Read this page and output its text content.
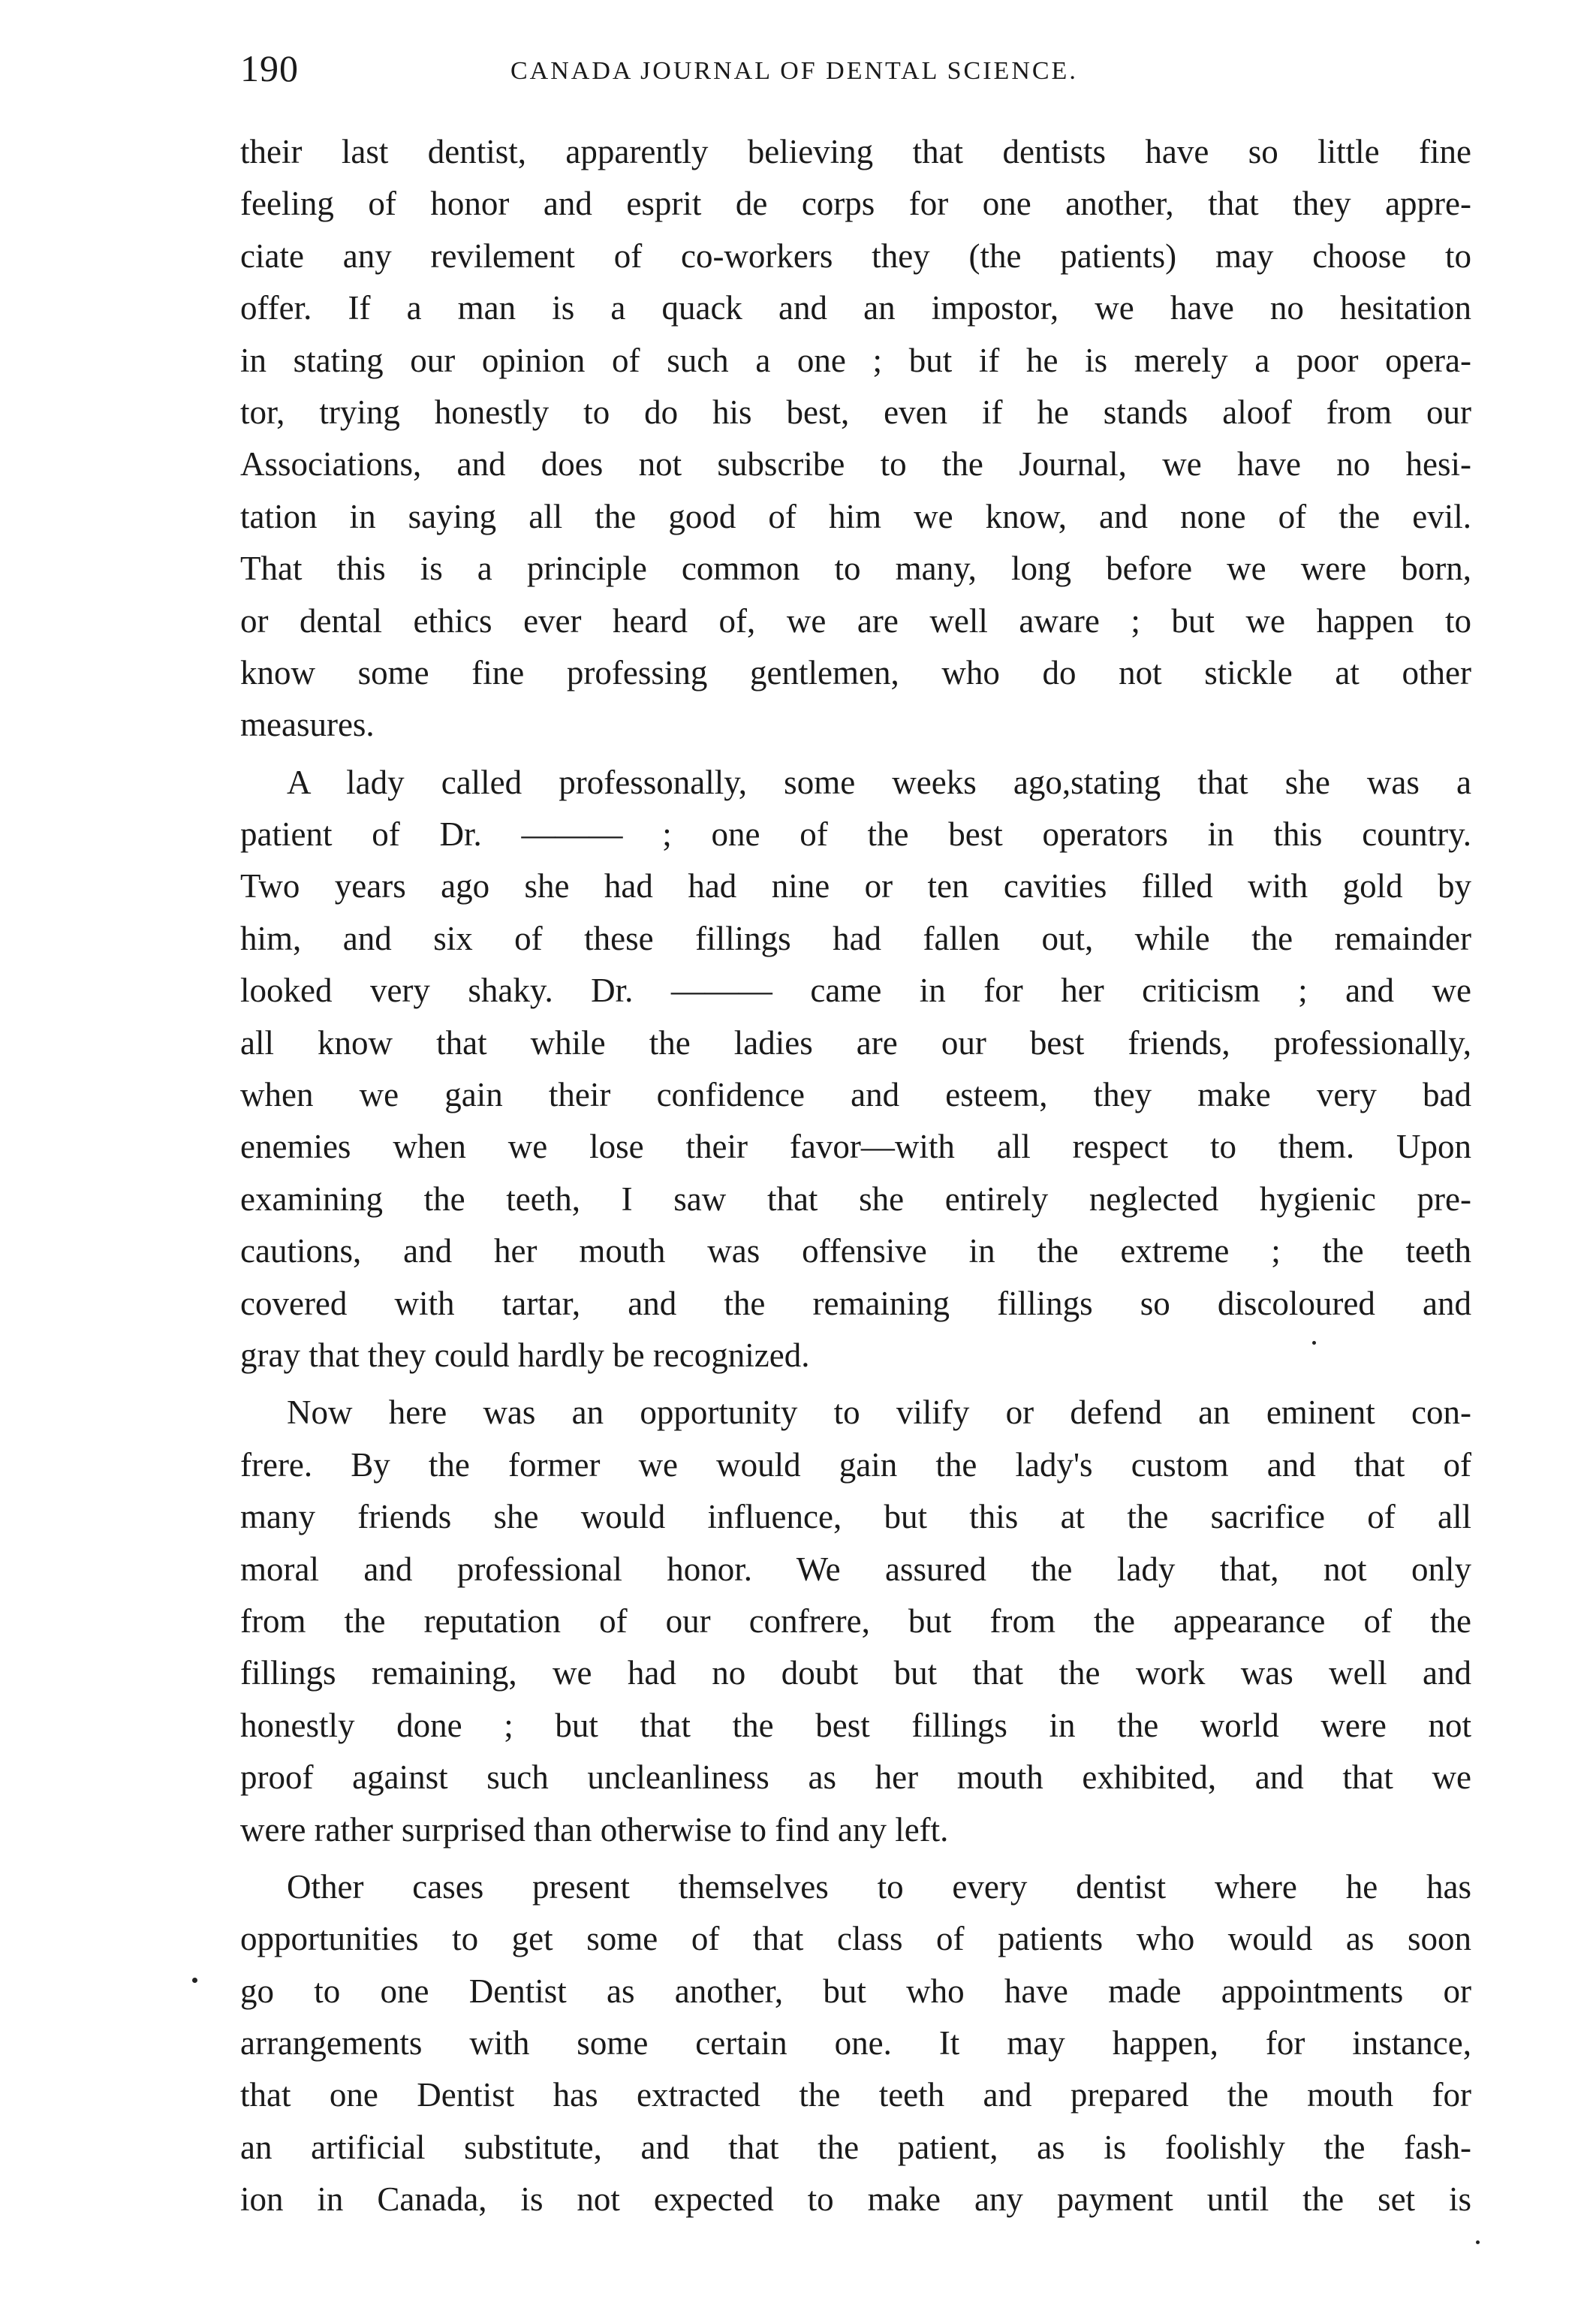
190	CANADA JOURNAL OF DENTAL SCIENCE.
their last dentist, apparently believing that dentists have so little fine
feeling of honor and esprit de corps for one another, that they appre-
ciate any revilement of co-workers they (the patients) may choose to
offer. If a man is a quack and an impostor, we have no hesitation
in stating our opinion of such a one ; but if he is merely a poor opera-
tor, trying honestly to do his best, even if he stands aloof from our
Associations, and does not subscribe to the Journal, we have no hesi-
tation in saying all the good of him we know, and none of the evil.
That this is a principle common to many, long before we were born,
or dental ethics ever heard of, we are well aware ; but we happen to
know some fine professing gentlemen, who do not stickle at other
measures.
A lady called professonally, some weeks ago,stating that she was a
patient of Dr. ——— ; one of the best operators in this country.
Two years ago she had had nine or ten cavities filled with gold by
him, and six of these fillings had fallen out, while the remainder
looked very shaky. Dr. ——— came in for her criticism ; and we
all know that while the ladies are our best friends, professionally,
when we gain their confidence and esteem, they make very bad
enemies when we lose their favor—with all respect to them. Upon
examining the teeth, I saw that she entirely neglected hygienic pre-
cautions, and her mouth was offensive in the extreme ; the teeth
covered with tartar, and the remaining fillings so discoloured and
gray that they could hardly be recognized.
Now here was an opportunity to vilify or defend an eminent con-
frere. By the former we would gain the lady's custom and that of
many friends she would influence, but this at the sacrifice of all
moral and professional honor. We assured the lady that, not only
from the reputation of our confrere, but from the appearance of the
fillings remaining, we had no doubt but that the work was well and
honestly done ; but that the best fillings in the world were not
proof against such uncleanliness as her mouth exhibited, and that we
were rather surprised than otherwise to find any left.
Other cases present themselves to every dentist where he has
opportunities to get some of that class of patients who would as soon
go to one Dentist as another, but who have made appointments or
arrangements with some certain one. It may happen, for instance,
that one Dentist has extracted the teeth and prepared the mouth for
an artificial substitute, and that the patient, as is foolishly the fash-
ion in Canada, is not expected to make any payment until the set is
